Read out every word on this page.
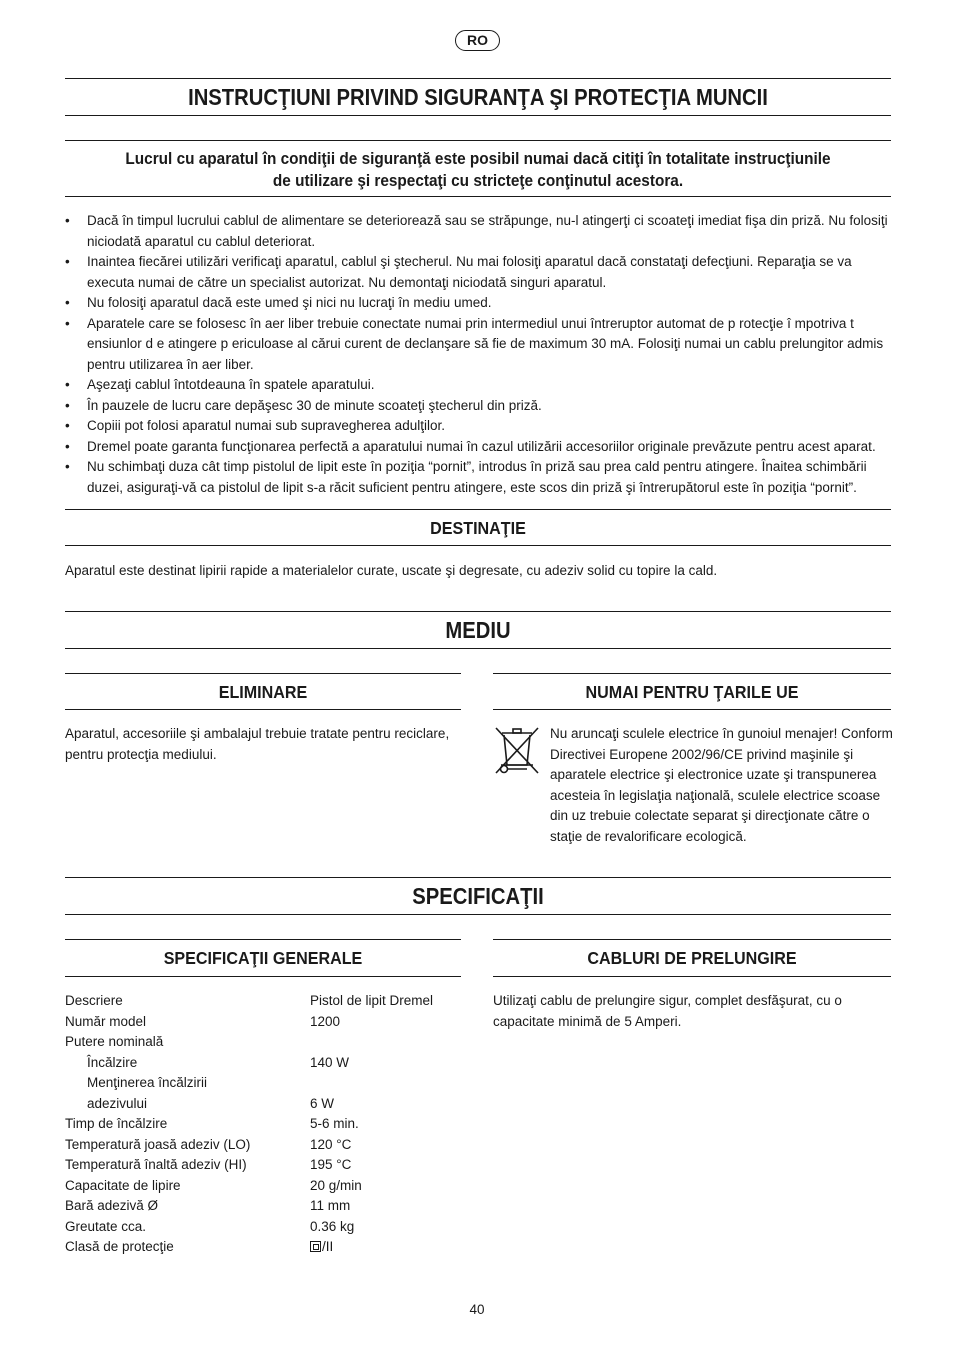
RO
INSTRUCŢIUNI PRIVIND SIGURANŢA ŞI PROTECŢIA MUNCII
Lucrul cu aparatul în condiţii de siguranţă este posibil numai dacă citiţi în totalitate instrucţiunile
de utilizare şi respectaţi cu stricteţe conţinutul acestora.
• Dacă în timpul lucrului cablul de alimentare se deteriorează sau se străpunge, nu-l atingerţi ci scoateţi imediat fişa din priză. Nu folosiţi
niciodată aparatul cu cablul deteriorat.
• Inaintea fiecărei utilizări verificaţi aparatul, cablul şi ştecherul. Nu mai folosiţi aparatul dacă constataţi defecţiuni. Reparaţia se va
executa numai de către un specialist autorizat. Nu demontaţi niciodată singuri aparatul.
• Nu folosiţi aparatul dacă este umed şi nici nu lucraţi în mediu umed.
• Aparatele care se folosesc în aer liber trebuie conectate numai prin intermediul unui întreruptor automat de p rotecţie î mpotriva t
ensiunlor d e atingere p ericuloase al cărui curent de declanşare să fie de maximum 30 mA. Folosiţi numai un cablu prelungitor admis
pentru utilizarea în aer liber.
• Aşezaţi cablul întotdeauna în spatele aparatului.
• În pauzele de lucru care depăşesc 30 de minute scoateţi ştecherul din priză.
• Copiii pot folosi aparatul numai sub supravegherea adulţilor.
• Dremel poate garanta funcţionarea perfectă a aparatului numai în cazul utilizării accesoriilor originale prevăzute pentru acest aparat.
• Nu schimbaţi duza cât timp pistolul de lipit este în poziţia “pornit”, introdus în priză sau prea cald pentru atingere. Înaitea schimbării
duzei, asiguraţi-vă ca pistolul de lipit s-a răcit suficient pentru atingere, este scos din priză şi întrerupătorul este în poziţia “pornit”.
DESTINAŢIE
Aparatul este destinat lipirii rapide a materialelor curate, uscate şi degresate, cu adeziv solid cu topire la cald.
MEDIU
ELIMINARE
Aparatul, accesoriile şi ambalajul trebuie tratate pentru reciclare,
pentru protecţia mediului.
NUMAI PENTRU ŢARILE UE
Nu aruncaţi sculele electrice în gunoiul menajer! Conform
Directivei Europene 2002/96/CE privind maşinile şi
aparatele electrice şi electronice uzate şi transpunerea
acesteia în legislaţia naţională, sculele electrice scoase
din uz trebuie colectate separat şi direcţionate către o
staţie de revalorificare ecologică.
SPECIFICAŢII
SPECIFICAŢII GENERALE
Descriere	Pistol de lipit Dremel
Număr model	1200
Putere nominală
Încălzire	140 W
Menţinerea încălzirii
adezivului	6 W
Timp de încălzire	5-6 min.
Temperatură joasă adeziv (LO)	120 °C
Temperatură înaltă adeziv (HI)	195 °C
Capacitate de lipire	20 g/min
Bară adezivă Ø	11 mm
Greutate cca.	0.36 kg
Clasă de protecţie	/II
CABLURI DE PRELUNGIRE
Utilizaţi cablu de prelungire sigur, complet desfăşurat, cu o
capacitate minimă de 5 Amperi.
40
